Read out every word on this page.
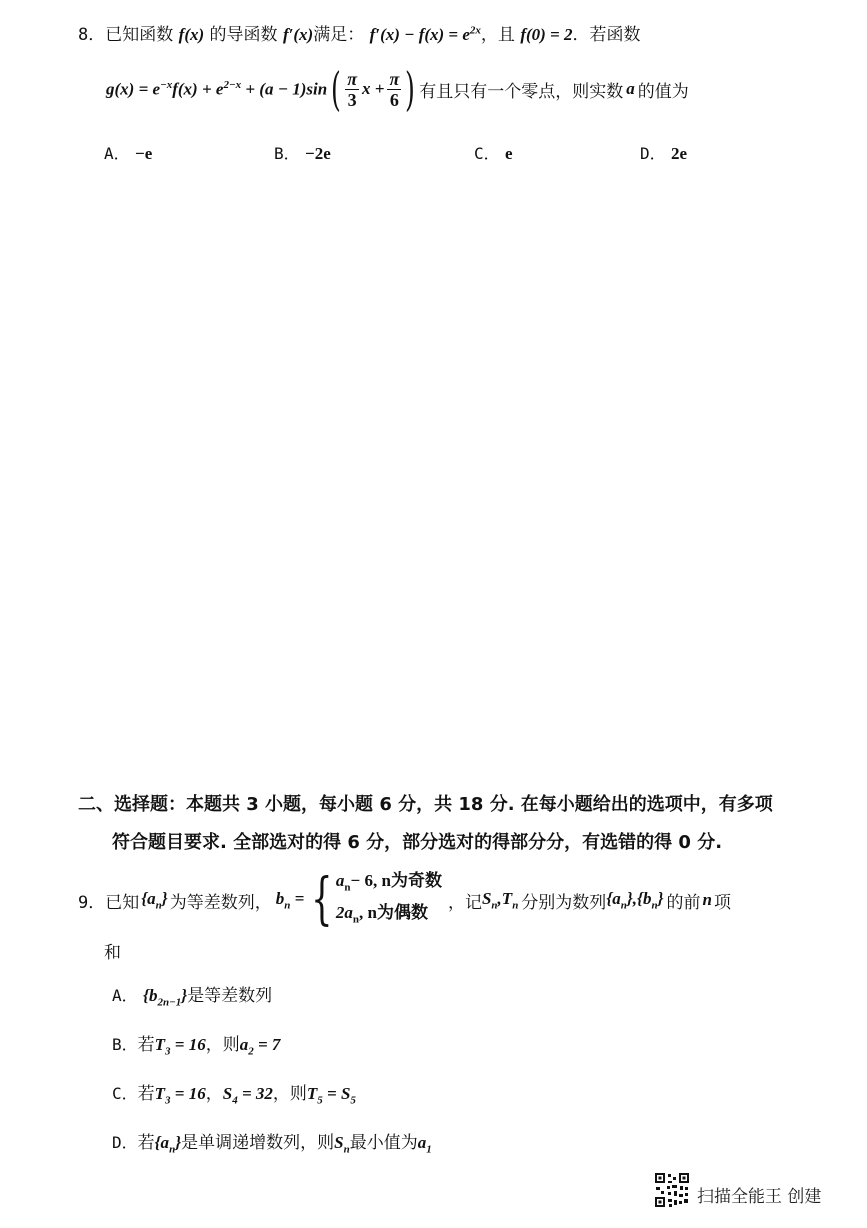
8．已知函数 f(x) 的导函数 f′(x)满足： $f'(x) - f(x) = e^{2x}$，且 f(0) = 2．若函数
$g(x) = e^{-x}f(x) + e^{2-x} + (a - 1)\sin$ ( $\frac{\pi}{3}$ $x + \frac{\pi}{6}$ ) 有且只有一个零点，则实数 a 的值为
A． −e	B． −2e	C． e	D． 2e
二、选择题：本题共 3 小题，每小题 6 分，共 18 分. 在每小题给出的选项中，有多项
符合题目要求. 全部选对的得 6 分，部分选对的得部分分，有选错的得 0 分.
9． 已知 $\{a_n\}$ 为等差数列， $b_n$ = { $a_n- 6$, n为奇数
$2a_n$, n为偶数	，记 $S_n,T_n$ 分别为数列 $\{a_n\},\{b_n\}$ 的前 n 项
和
A． $\{b_{2n-1}\}$是等差数列
B．若$T_3 = 16$，则$a_2 = 7$
C．若$T_3 = 16$，$S_4 = 32$，则$T_5 = S_5$
D．若$\{a_n\}$是单调递增数列，则$S_n$最小值为$a_1$
扫描全能王 创建
